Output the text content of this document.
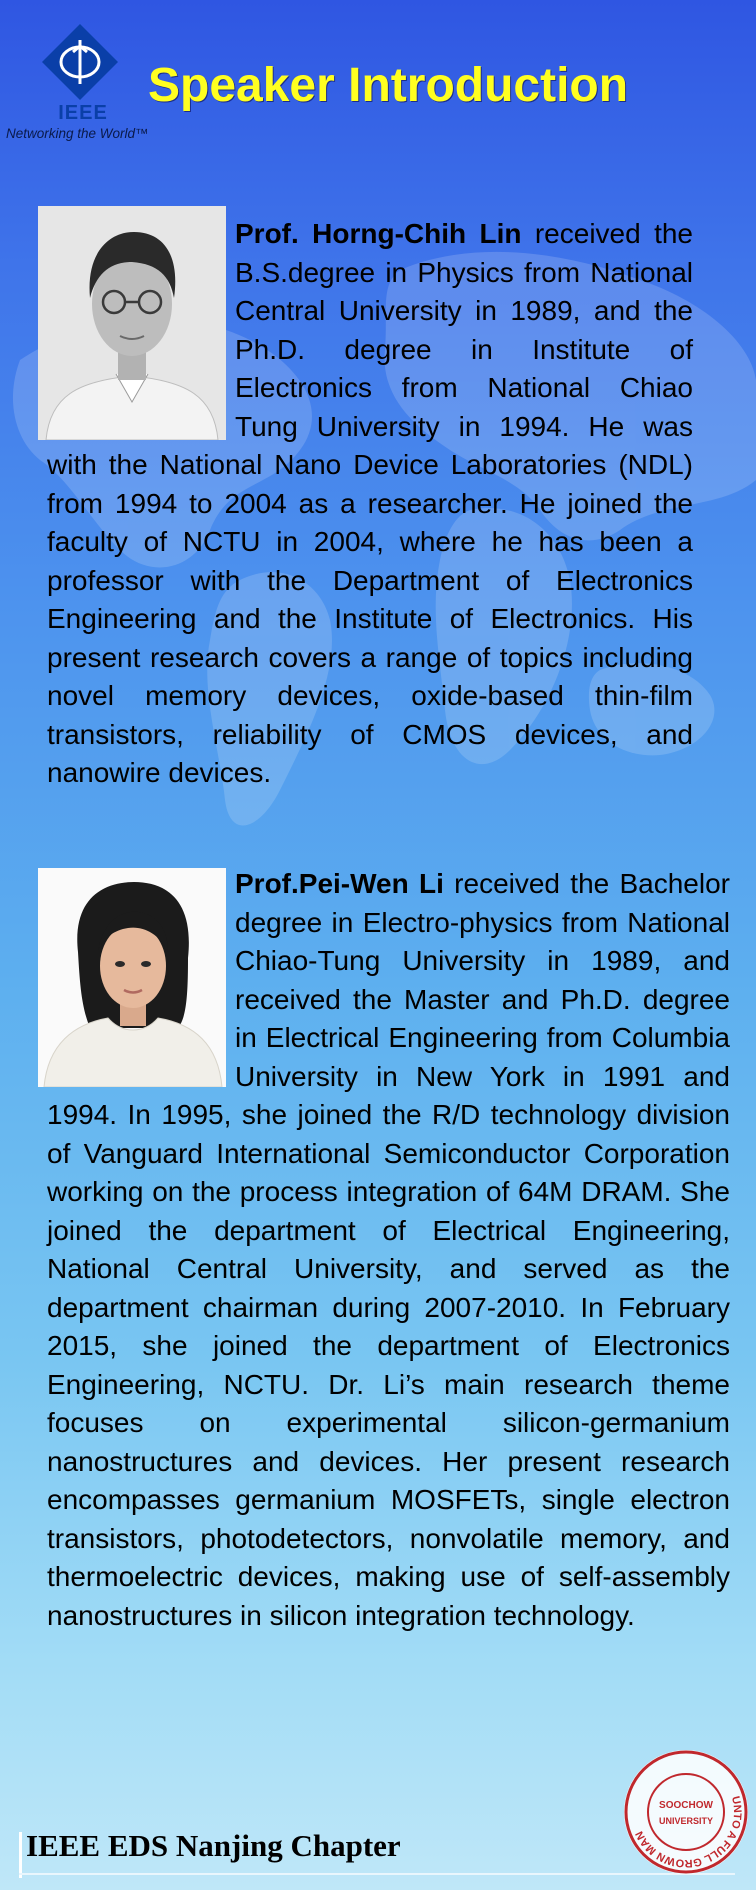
IEEE
Networking the World™
Speaker Introduction

Prof. Horng-Chih Lin received the B.S.degree in Physics from National Central University in 1989, and the Ph.D. degree in Institute of Electronics from National Chiao Tung University in 1994. He was with the National Nano Device Laboratories (NDL) from 1994 to 2004 as a researcher. He joined the faculty of NCTU in 2004, where he has been a professor with the Department of Electronics Engineering and the Institute of Electronics. His present research covers a range of topics including novel memory devices, oxide-based thin-film transistors, reliability of CMOS devices, and nanowire devices.

Prof.Pei-Wen Li received the Bachelor degree in Electro-physics from National Chiao-Tung University in 1989, and received the Master and Ph.D. degree in Electrical Engineering from Columbia University in New York in 1991 and 1994. In 1995, she joined the R/D technology division of Vanguard International Semiconductor Corporation working on the process integration of 64M DRAM. She joined the department of Electrical Engineering, National Central University, and served as the department chairman during 2007-2010. In February 2015, she joined the department of Electronics Engineering, NCTU. Dr. Li’s main research theme focuses on experimental silicon-germanium nanostructures and devices. Her present research encompasses germanium MOSFETs, single electron transistors, photodetectors, nonvolatile memory, and thermoelectric devices, making use of self-assembly nanostructures in silicon integration technology.

IEEE EDS Nanjing Chapter

UNTO A FULL GROWN MAN
SOOCHOW
UNIVERSITY
